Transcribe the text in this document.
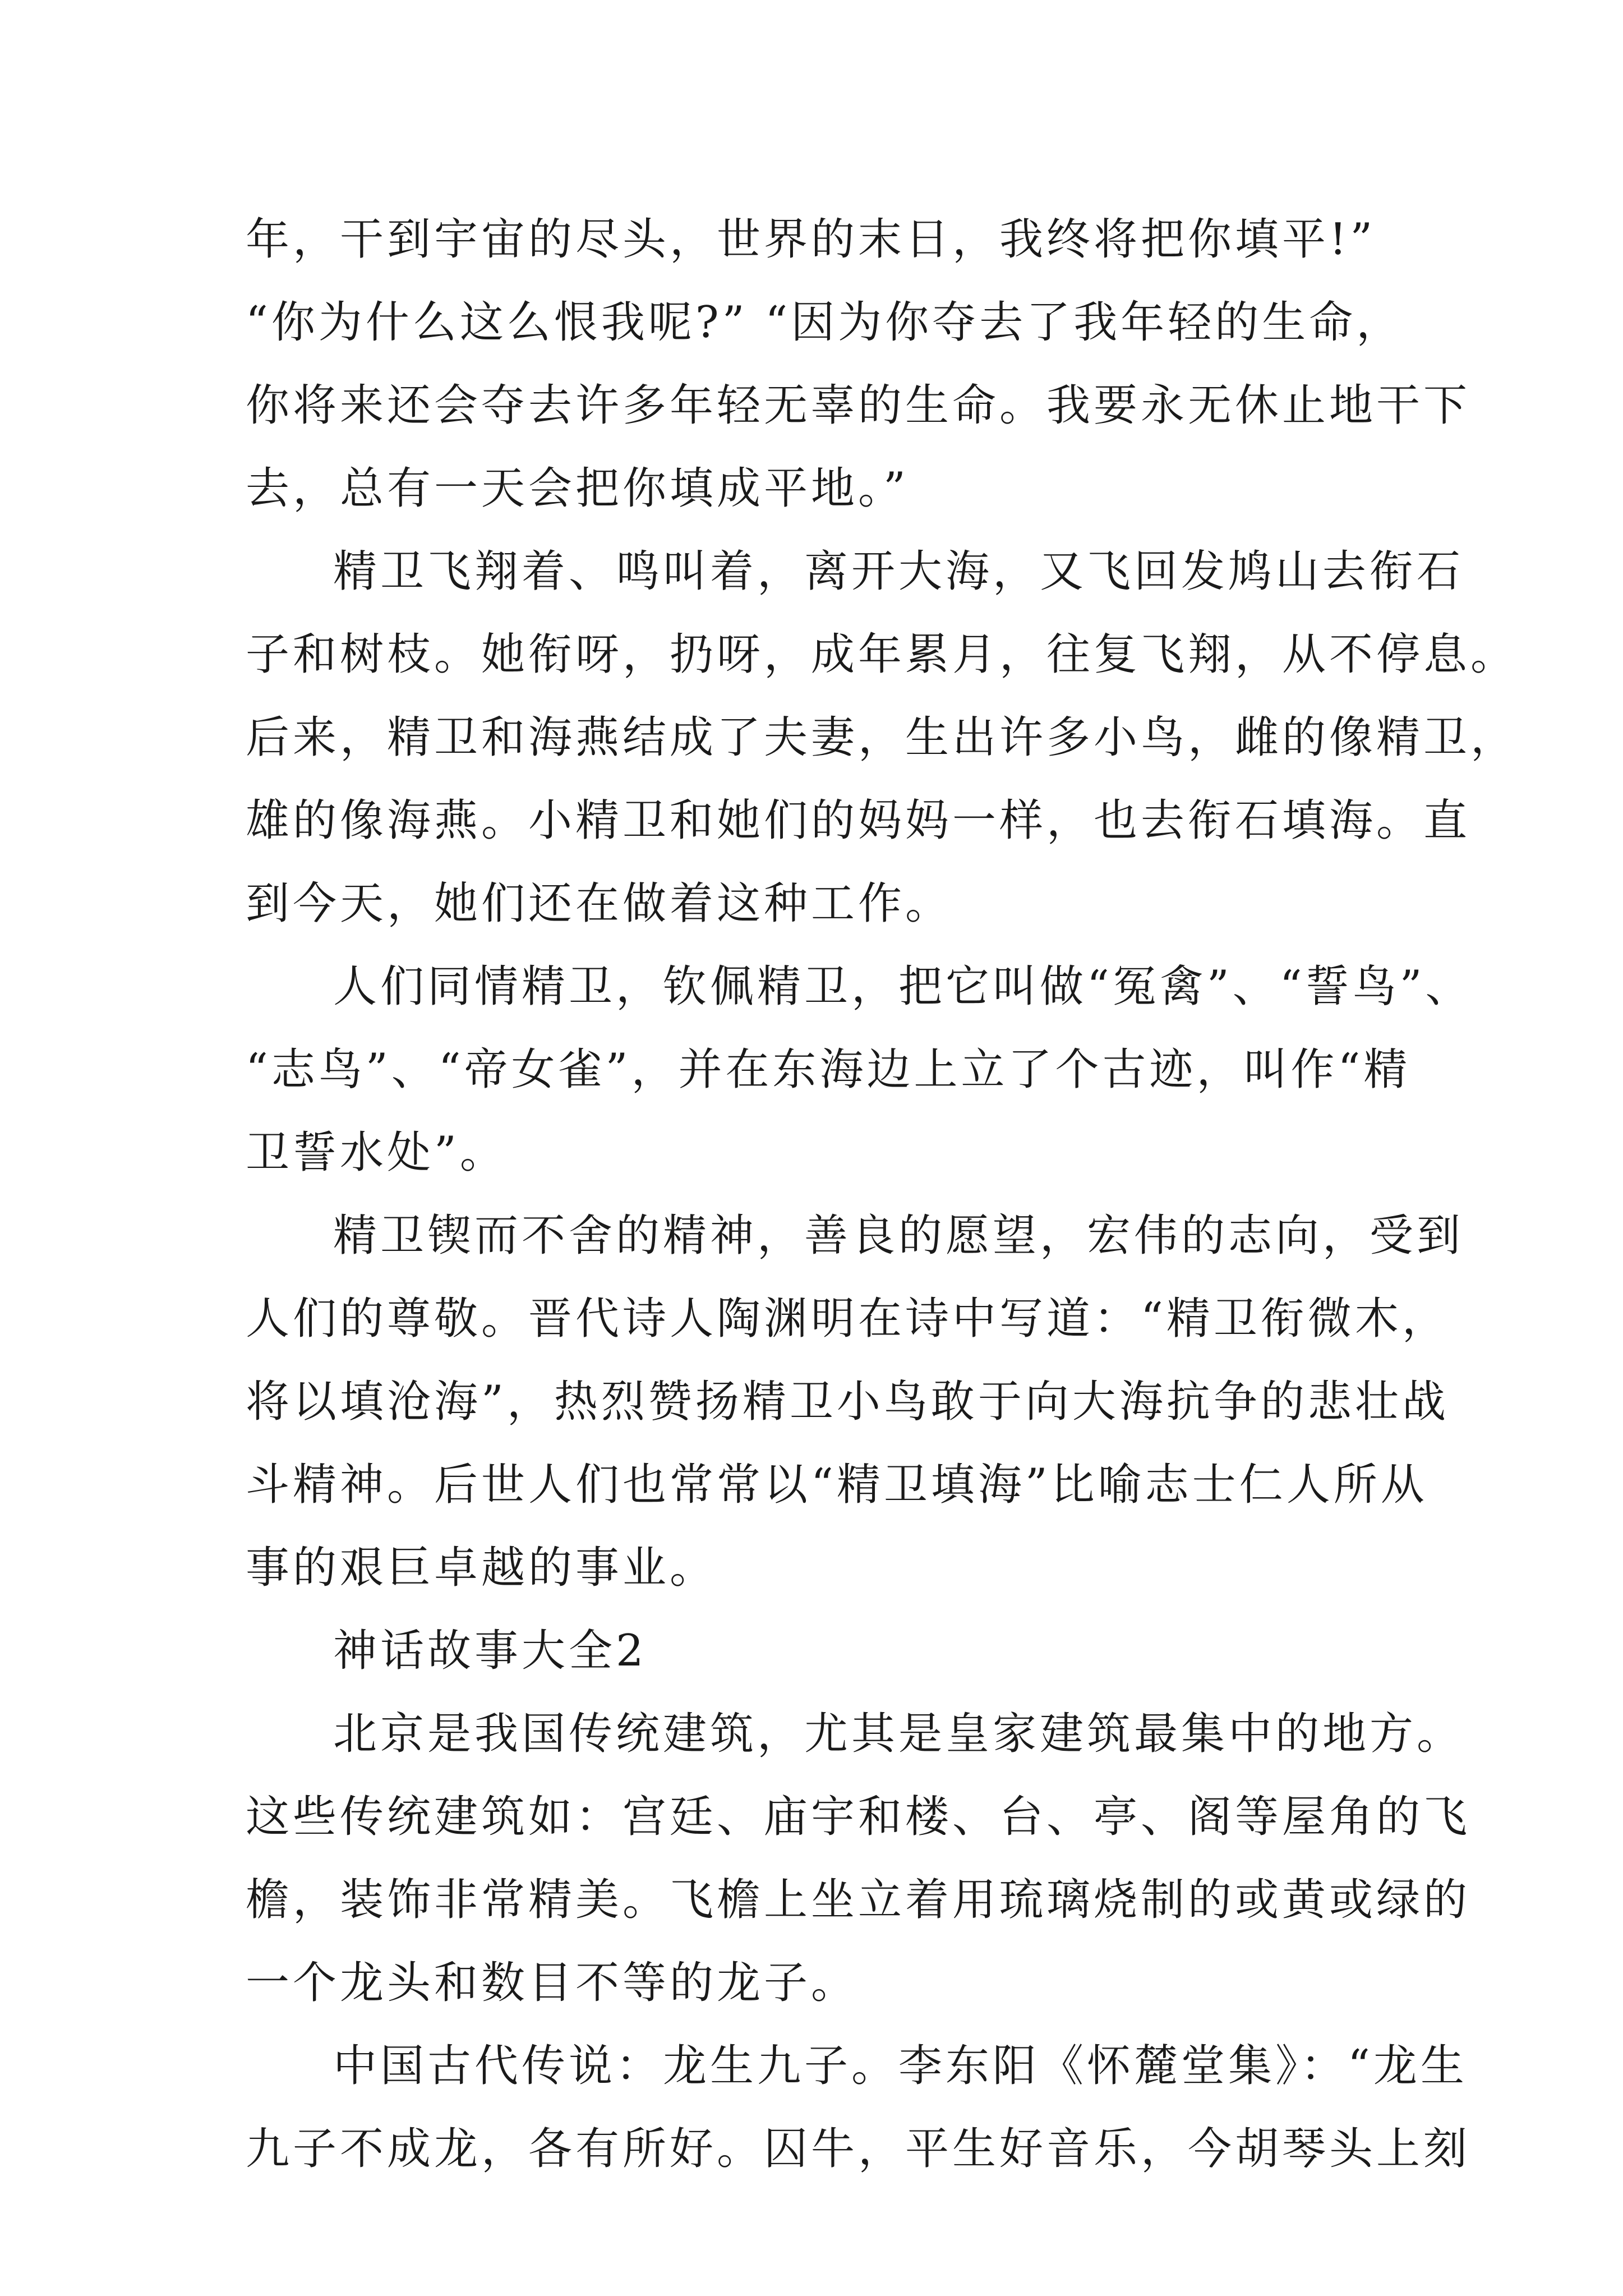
年，干到宇宙的尽头，世界的末日，我终将把你填平!”
“你为什么这么恨我呢?” “因为你夺去了我年轻的生命，
你将来还会夺去许多年轻无辜的生命。我要永无休止地干下
去，总有一天会把你填成平地。”
精卫飞翔着、鸣叫着，离开大海，又飞回发鸠山去衔石
子和树枝。她衔呀，扔呀，成年累月，往复飞翔，从不停息。
后来，精卫和海燕结成了夫妻，生出许多小鸟，雌的像精卫，
雄的像海燕。小精卫和她们的妈妈一样，也去衔石填海。直
到今天，她们还在做着这种工作。
人们同情精卫，钦佩精卫，把它叫做“冤禽”、“誓鸟”、
“志鸟”、“帝女雀”，并在东海边上立了个古迹，叫作“精
卫誓水处”。
精卫锲而不舍的精神，善良的愿望，宏伟的志向，受到
人们的尊敬。晋代诗人陶渊明在诗中写道：“精卫衔微木，
将以填沧海”，热烈赞扬精卫小鸟敢于向大海抗争的悲壮战
斗精神。后世人们也常常以“精卫填海”比喻志士仁人所从
事的艰巨卓越的事业。
神话故事大全2
北京是我国传统建筑，尤其是皇家建筑最集中的地方。
这些传统建筑如：宫廷、庙宇和楼、台、亭、阁等屋角的飞
檐，装饰非常精美。飞檐上坐立着用琉璃烧制的或黄或绿的
一个龙头和数目不等的龙子。
中国古代传说：龙生九子。李东阳《怀麓堂集》：“龙生
九子不成龙，各有所好。囚牛，平生好音乐，今胡琴头上刻
